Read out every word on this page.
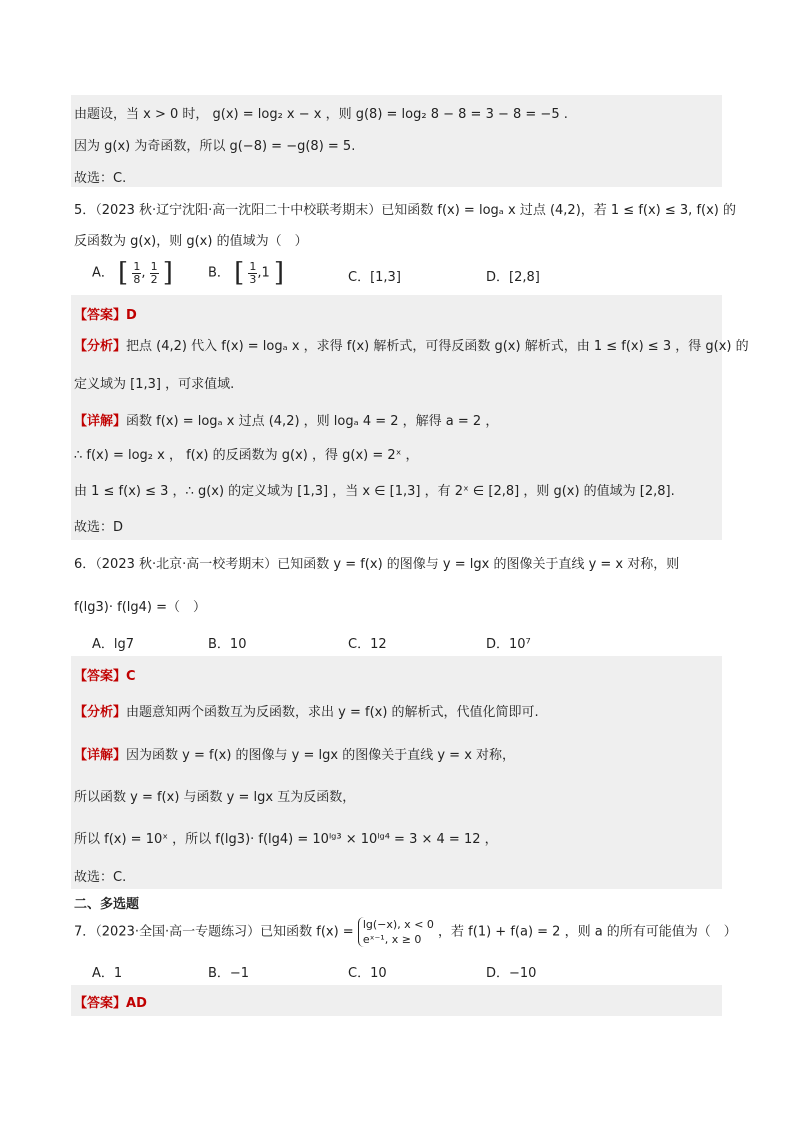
由题设，当 x > 0 时， g(x) = log₂ x − x ，则 g(8) = log₂ 8 − 8 = 3 − 8 = −5 .
因为 g(x) 为奇函数，所以 g(−8) = −g(8) = 5.
故选：C.
5．（2023 秋·辽宁沈阳·高一沈阳二十中校联考期末）已知函数 f(x) = logₐ x 过点 (4,2)，若 1 ≤ f(x) ≤ 3, f(x) 的
反函数为 g(x)，则 g(x) 的值域为（　）
A． [ $\frac{1}{8}$ , $\frac{1}{2}$ ]	B． [ $\frac{1}{3} ,1$ ]	C．[1,3]	D．[2,8]
【答案】D
【分析】把点 (4,2) 代入 f(x) = logₐ x ，求得 f(x) 解析式，可得反函数 g(x) 解析式，由 1 ≤ f(x) ≤ 3 ，得 g(x) 的
定义域为 [1,3] ，可求值域.
【详解】函数 f(x) = logₐ x 过点 (4,2) ，则 logₐ 4 = 2 ，解得 a = 2 ，
∴ f(x) = log₂ x ， f(x) 的反函数为 g(x) ，得 g(x) = 2ˣ ，
由 1 ≤ f(x) ≤ 3 ，∴ g(x) 的定义域为 [1,3] ，当 x ∈ [1,3] ，有 2ˣ ∈ [2,8] ，则 g(x) 的值域为 [2,8].
故选：D
6．（2023 秋·北京·高一校考期末）已知函数 y = f(x) 的图像与 y = lgx 的图像关于直线 y = x 对称，则
f(lg3)· f(lg4) =（　）
A．lg7	B．10	C．12	D．10⁷
【答案】C
【分析】由题意知两个函数互为反函数，求出 y = f(x) 的解析式，代值化简即可.
【详解】因为函数 y = f(x) 的图像与 y = lgx 的图像关于直线 y = x 对称，
所以函数 y = f(x) 与函数 y = lgx 互为反函数，
所以 f(x) = 10ˣ ，所以 f(lg3)· f(lg4) = 10ˡᵍ³ × 10ˡᵍ⁴ = 3 × 4 = 12 ，
故选：C.
二、多选题
7．（2023·全国·高一专题练习）已知函数 f(x) = lg(−x), x < 0
eˣ⁻¹, x ≥ 0	，若 f(1) + f(a) = 2 ，则 a 的所有可能值为（　）
A．1	B．−1	C．10	D．−10
【答案】AD
